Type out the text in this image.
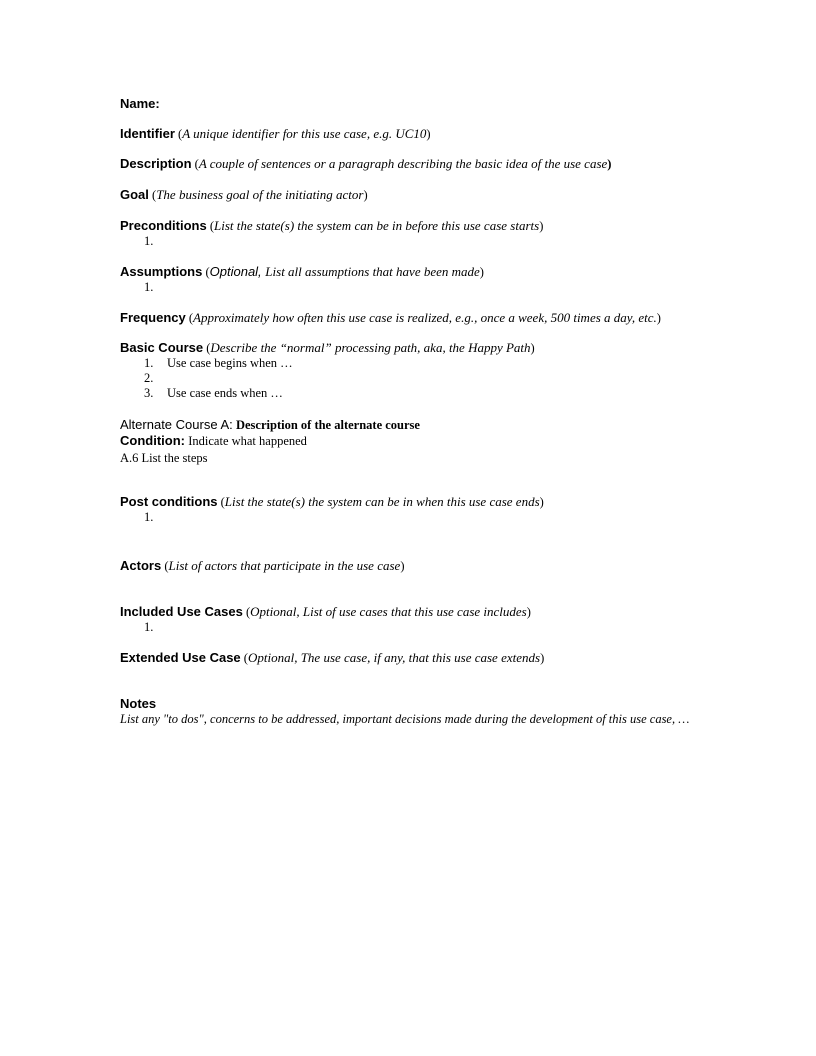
Name:
Identifier (A unique identifier for this use case, e.g. UC10)
Description (A couple of sentences or a paragraph describing the basic idea of the use case)
Goal (The business goal of the initiating actor)
Preconditions (List the state(s) the system can be in before this use case starts)
1.
Assumptions (Optional, List all assumptions that have been made)
1.
Frequency (Approximately how often this use case is realized, e.g., once a week, 500 times a day, etc.)
Basic Course (Describe the “normal” processing path, aka, the Happy Path)
1. Use case begins when …
2.
3. Use case ends when …
Alternate Course A: Description of the alternate course
Condition: Indicate what happened
A.6 List the steps
Post conditions (List the state(s) the system can be in when this use case ends)
1.
Actors (List of actors that participate in the use case)
Included Use Cases (Optional, List of use cases that this use case includes)
1.
Extended Use Case (Optional, The use case, if any, that this use case extends)
Notes
List any "to dos", concerns to be addressed, important decisions made during the development of this use case, …
